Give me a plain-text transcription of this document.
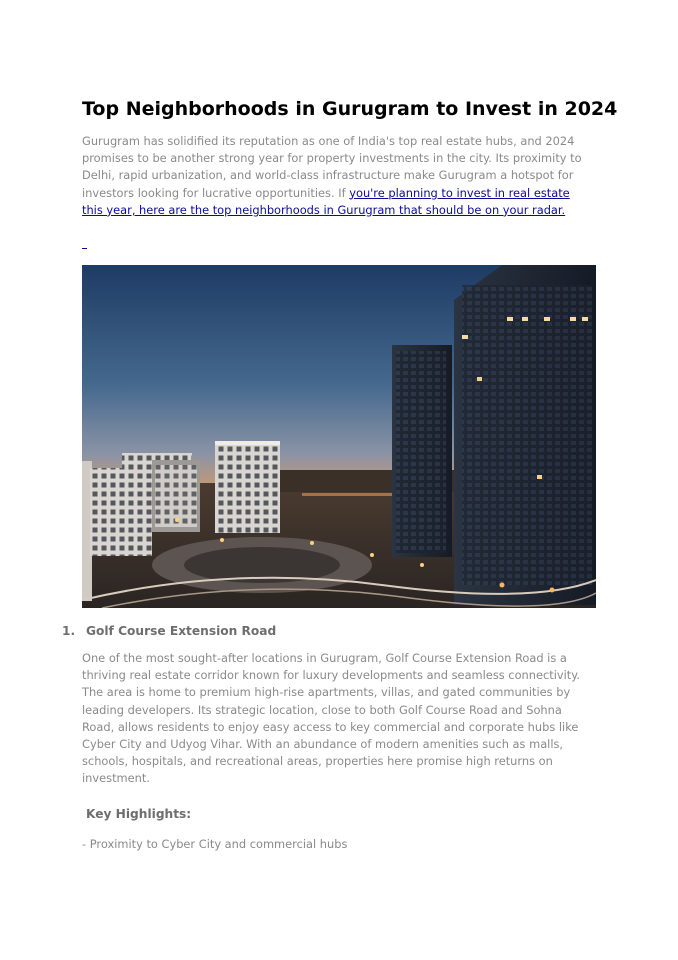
Top Neighborhoods in Gurugram to Invest in 2024

Gurugram has solidified its reputation as one of India's top real estate hubs, and 2024 promises to be another strong year for property investments in the city. Its proximity to Delhi, rapid urbanization, and world-class infrastructure make Gurugram a hotspot for investors looking for lucrative opportunities. If you're planning to invest in real estate this year, here are the top neighborhoods in Gurugram that should be on your radar.

1. Golf Course Extension Road

One of the most sought-after locations in Gurugram, Golf Course Extension Road is a thriving real estate corridor known for luxury developments and seamless connectivity. The area is home to premium high-rise apartments, villas, and gated communities by leading developers. Its strategic location, close to both Golf Course Road and Sohna Road, allows residents to enjoy easy access to key commercial and corporate hubs like Cyber City and Udyog Vihar. With an abundance of modern amenities such as malls, schools, hospitals, and recreational areas, properties here promise high returns on investment.

Key Highlights:

- Proximity to Cyber City and commercial hubs
